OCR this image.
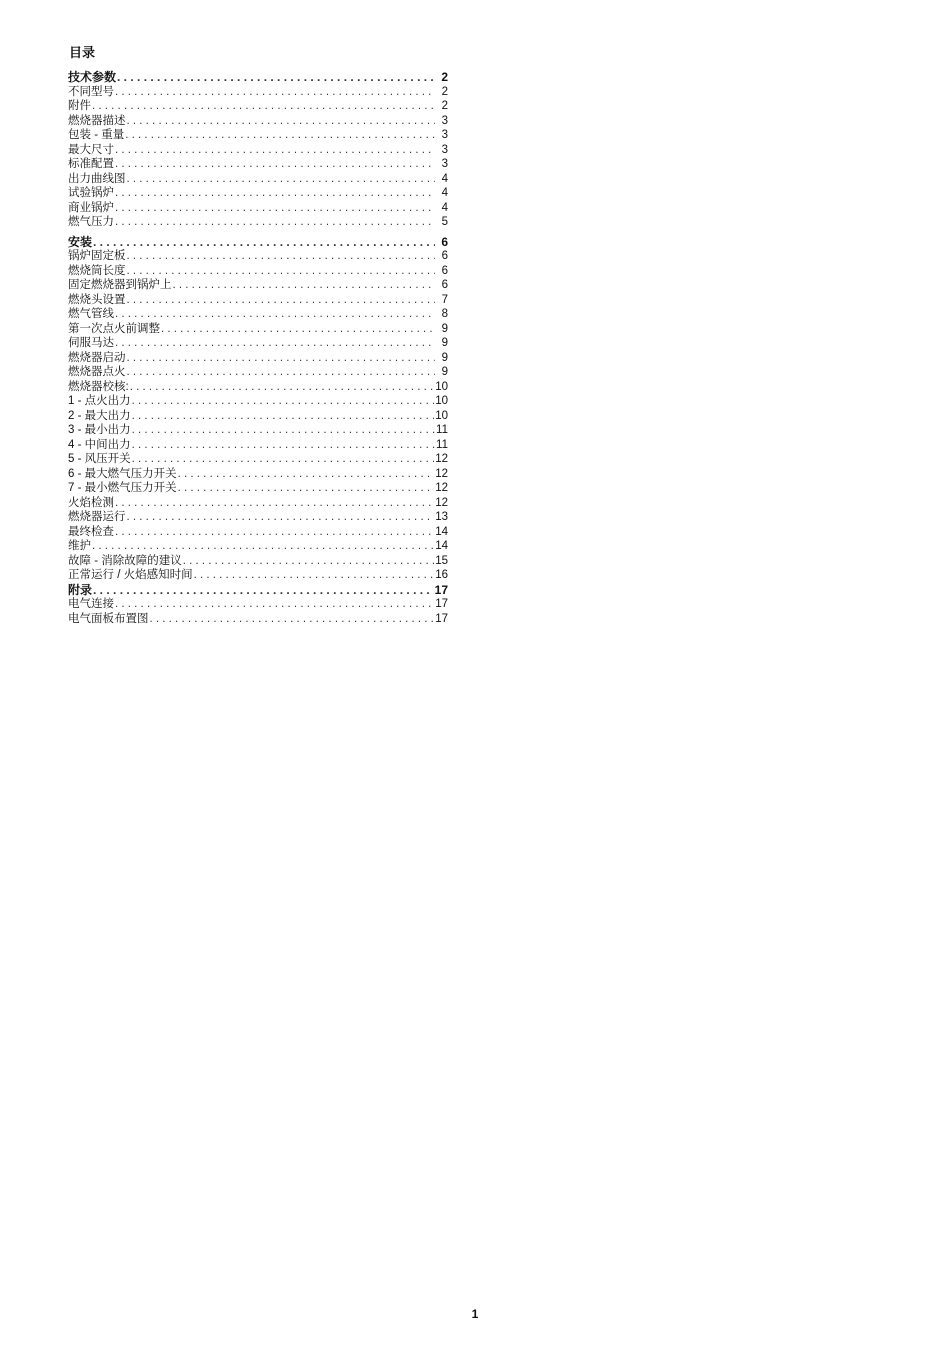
目录
技术参数 . . .	2
不同型号 . . .	2
附件 . . .	2
燃烧器描述 . . .	3
包装 - 重量 . . .	3
最大尺寸 . . .	3
标准配置 . . .	3
出力曲线图 . . .	4
试验锅炉 . . .	4
商业锅炉 . . .	4
燃气压力 . . .	5
安装 . . .	6
锅炉固定板 . . .	6
燃烧筒长度 . . .	6
固定燃烧器到锅炉上 . . .	6
燃烧头设置 . . .	7
燃气管线 . . .	8
第一次点火前调整 . . .	9
伺服马达 . . .	9
燃烧器启动 . . .	9
燃烧器点火 . . .	9
燃烧器校核: . . .	10
1 - 点火出力 . . .	10
2 - 最大出力 . . .	10
3 - 最小出力 . . .	11
4 - 中间出力 . . .	11
5 - 风压开关 . . .	12
6 - 最大燃气压力开关 . . .	12
7 - 最小燃气压力开关 . . .	12
火焰检测 . . .	12
燃烧器运行 . . .	13
最终检查 . . .	14
维护 . . .	14
故障 - 消除故障的建议 . . .	15
正常运行 / 火焰感知时间 . . .	16
附录 . . .	17
电气连接 . . .	17
电气面板布置图 . . .	17
1
